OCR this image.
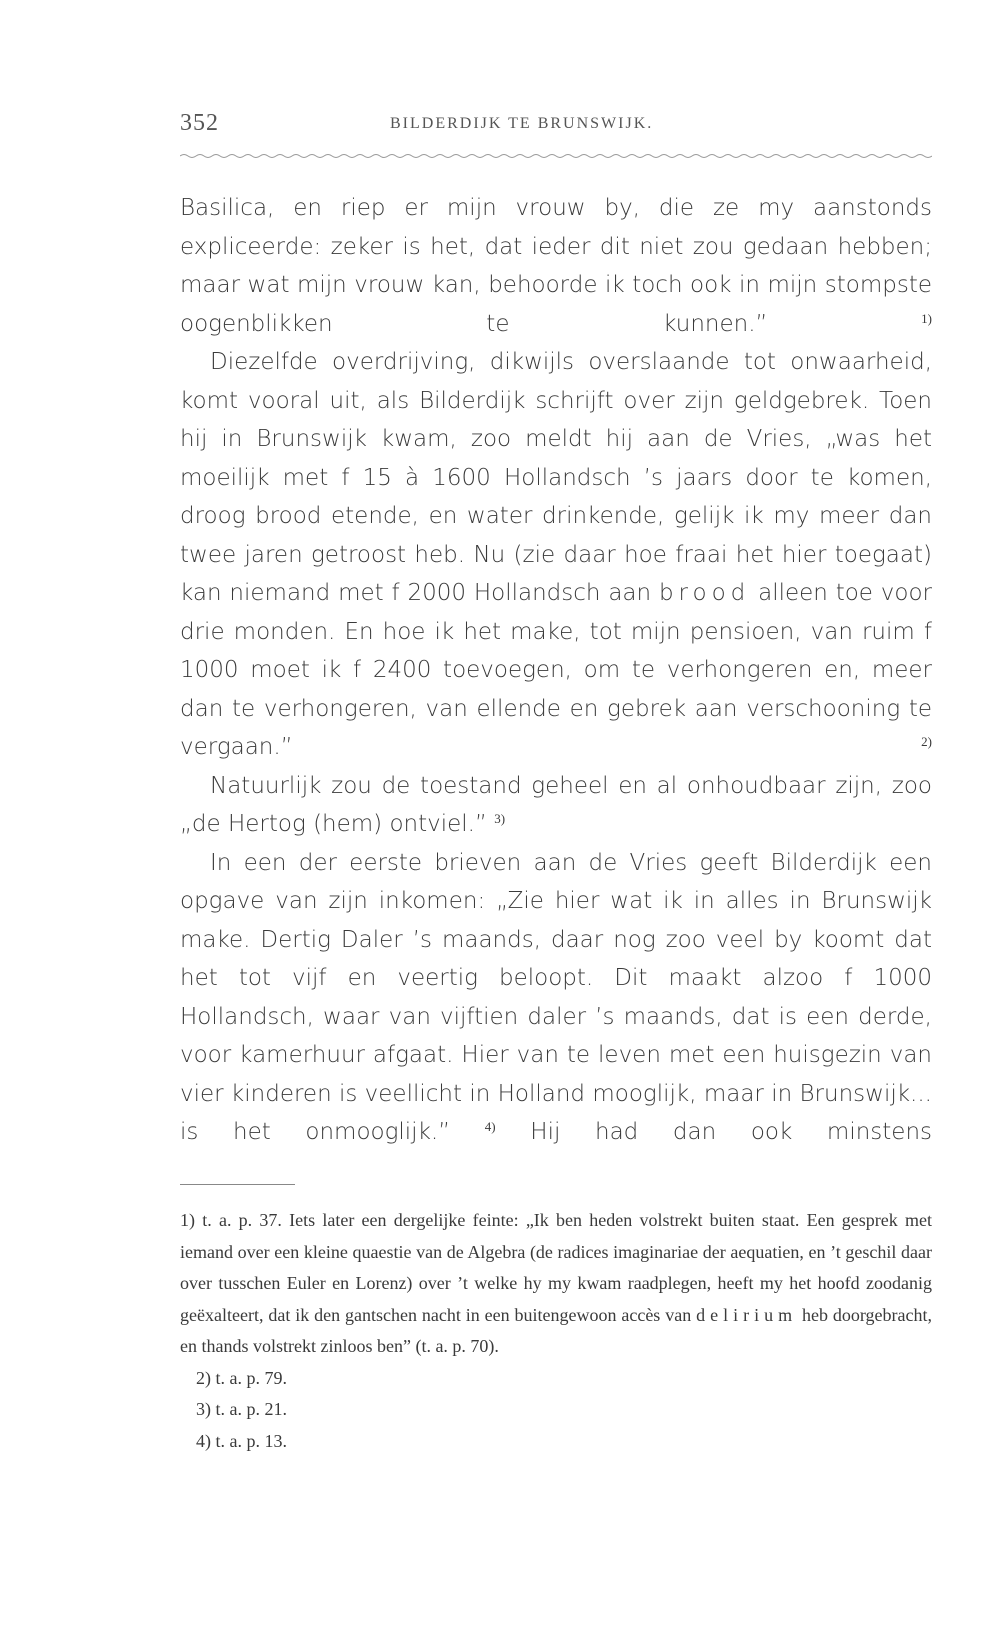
352	BILDERDIJK TE BRUNSWIJK.

Basilica, en riep er mijn vrouw by, die ze my aanstonds expliceerde: zeker is het, dat ieder dit niet zou gedaan hebben; maar wat mijn vrouw kan, behoorde ik toch ook in mijn stompste oogenblikken te kunnen.”	$^{1)}$

Diezelfde overdrijving, dikwijls overslaande tot onwaarheid, komt vooral uit, als Bilderdijk schrijft over zijn geldgebrek. Toen hij in Brunswijk kwam, zoo meldt hij aan de Vries, „was het moeilijk met f 15 à 1600 Hollandsch ’s jaars door te komen, droog brood etende, en water drinkende, gelijk ik my meer dan twee jaren getroost heb. Nu (zie daar hoe fraai het hier toegaat) kan niemand met f 2000 Hollandsch aan brood alleen toe voor drie monden. En hoe ik het make, tot mijn pensioen, van ruim f 1000 moet ik f 2400 toevoegen, om te verhongeren en, meer dan te verhongeren, van ellende en gebrek aan verschooning te vergaan.”	$^{2)}$

Natuurlijk zou de toestand geheel en al onhoudbaar zijn, zoo „de Hertog (hem) ontviel.” $^{3)}$

In een der eerste brieven aan de Vries geeft Bilderdijk een opgave van zijn inkomen: „Zie hier wat ik in alles in Brunswijk make. Dertig Daler ’s maands, daar nog zoo veel by koomt dat het tot vijf en veertig beloopt. Dit maakt alzoo f 1000 Hollandsch, waar van vijftien daler ’s maands, dat is een derde, voor kamerhuur afgaat. Hier van te leven met een huisgezin van vier kinderen is veellicht in Holland mooglijk, maar in Brunswijk... is het onmooglijk.”	$^{4)}$ Hij had dan ook minstens

1) t. a. p. 37. Iets later een dergelijke feinte: „Ik ben heden volstrekt buiten staat. Een gesprek met iemand over een kleine quaestie van de Algebra (de radices imaginariae der aequatien, en ’t geschil daar over tusschen Euler en Lorenz) over ’t welke hy my kwam raadplegen, heeft my het hoofd zoodanig geëxalteert, dat ik den gantschen nacht in een buitengewoon accès van delirium heb doorgebracht, en thands volstrekt zinloos ben” (t. a. p. 70).

2) t. a. p. 79.

3) t. a. p. 21.

4) t. a. p. 13.
